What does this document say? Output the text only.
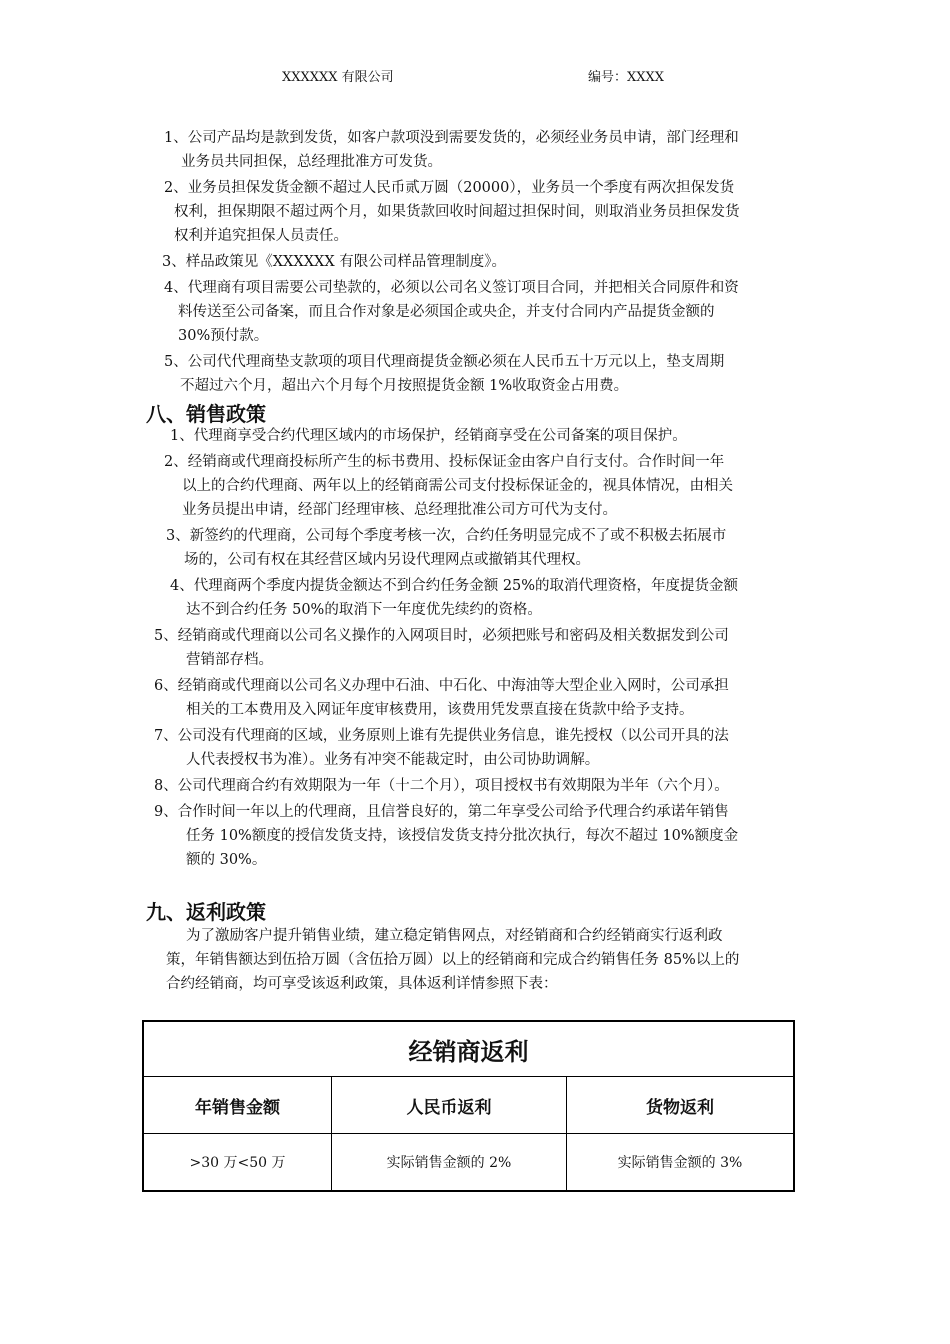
XXXXXX 有限公司	编号：XXXX
1、公司产品均是款到发货，如客户款项没到需要发货的，必须经业务员申请，部门经理和
业务员共同担保，总经理批准方可发货。
2、业务员担保发货金额不超过人民币贰万圆（20000），业务员一个季度有两次担保发货
权利，担保期限不超过两个月，如果货款回收时间超过担保时间，则取消业务员担保发货
权利并追究担保人员责任。
3、样品政策见《XXXXXX 有限公司样品管理制度》。
4、代理商有项目需要公司垫款的，必须以公司名义签订项目合同，并把相关合同原件和资
料传送至公司备案，而且合作对象是必须国企或央企，并支付合同内产品提货金额的
30%预付款。
5、公司代代理商垫支款项的项目代理商提货金额必须在人民币五十万元以上，垫支周期
不超过六个月，超出六个月每个月按照提货金额 1%收取资金占用费。
八、销售政策
1、代理商享受合约代理区域内的市场保护，经销商享受在公司备案的项目保护。
2、经销商或代理商投标所产生的标书费用、投标保证金由客户自行支付。合作时间一年
以上的合约代理商、两年以上的经销商需公司支付投标保证金的，视具体情况，由相关
业务员提出申请，经部门经理审核、总经理批准公司方可代为支付。
3、新签约的代理商，公司每个季度考核一次，合约任务明显完成不了或不积极去拓展市
场的，公司有权在其经营区域内另设代理网点或撤销其代理权。
4、代理商两个季度内提货金额达不到合约任务金额 25%的取消代理资格，年度提货金额
达不到合约任务 50%的取消下一年度优先续约的资格。
5、经销商或代理商以公司名义操作的入网项目时，必须把账号和密码及相关数据发到公司
营销部存档。
6、经销商或代理商以公司名义办理中石油、中石化、中海油等大型企业入网时，公司承担
相关的工本费用及入网证年度审核费用，该费用凭发票直接在货款中给予支持。
7、公司没有代理商的区域，业务原则上谁有先提供业务信息，谁先授权（以公司开具的法
人代表授权书为准）。业务有冲突不能裁定时，由公司协助调解。
8、公司代理商合约有效期限为一年（十二个月），项目授权书有效期限为半年（六个月）。
9、合作时间一年以上的代理商，且信誉良好的，第二年享受公司给予代理合约承诺年销售
任务 10%额度的授信发货支持，该授信发货支持分批次执行，每次不超过 10%额度金
额的 30%。
九、返利政策
为了激励客户提升销售业绩，建立稳定销售网点，对经销商和合约经销商实行返利政
策，年销售额达到伍拾万圆（含伍拾万圆）以上的经销商和完成合约销售任务 85%以上的
合约经销商，均可享受该返利政策，具体返利详情参照下表：
经销商返利		
年销售金额	人民币返利	货物返利
>30 万<50 万	实际销售金额的 2%	实际销售金额的 3%
